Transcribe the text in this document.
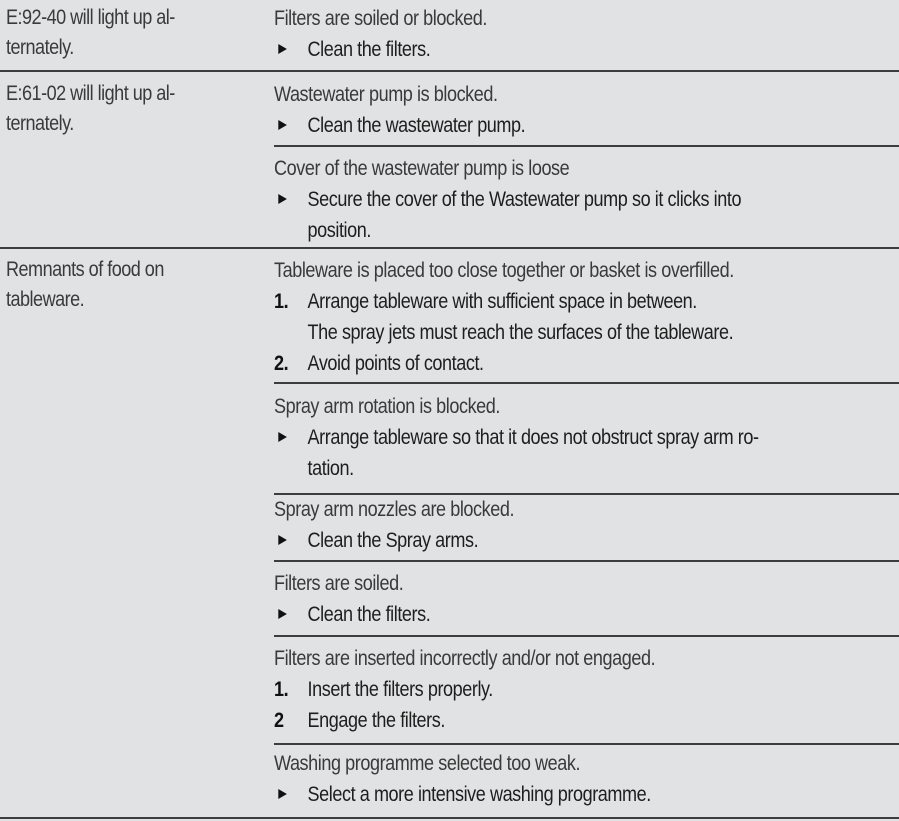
E:92-40 will light up al-
ternately.
Filters are soiled or blocked.
Clean the filters.
E:61-02 will light up al-
ternately.
Wastewater pump is blocked.
Clean the wastewater pump.
Cover of the wastewater pump is loose
Secure the cover of the Wastewater pump so it clicks into
position.
Remnants of food on
tableware.
Tableware is placed too close together or basket is overfilled.
1. Arrange tableware with sufficient space in between.
The spray jets must reach the surfaces of the tableware.
2. Avoid points of contact.
Spray arm rotation is blocked.
Arrange tableware so that it does not obstruct spray arm ro-
tation.
Spray arm nozzles are blocked.
Clean the Spray arms.
Filters are soiled.
Clean the filters.
Filters are inserted incorrectly and/or not engaged.
1. Insert the filters properly.
2 Engage the filters.
Washing programme selected too weak.
Select a more intensive washing programme.
